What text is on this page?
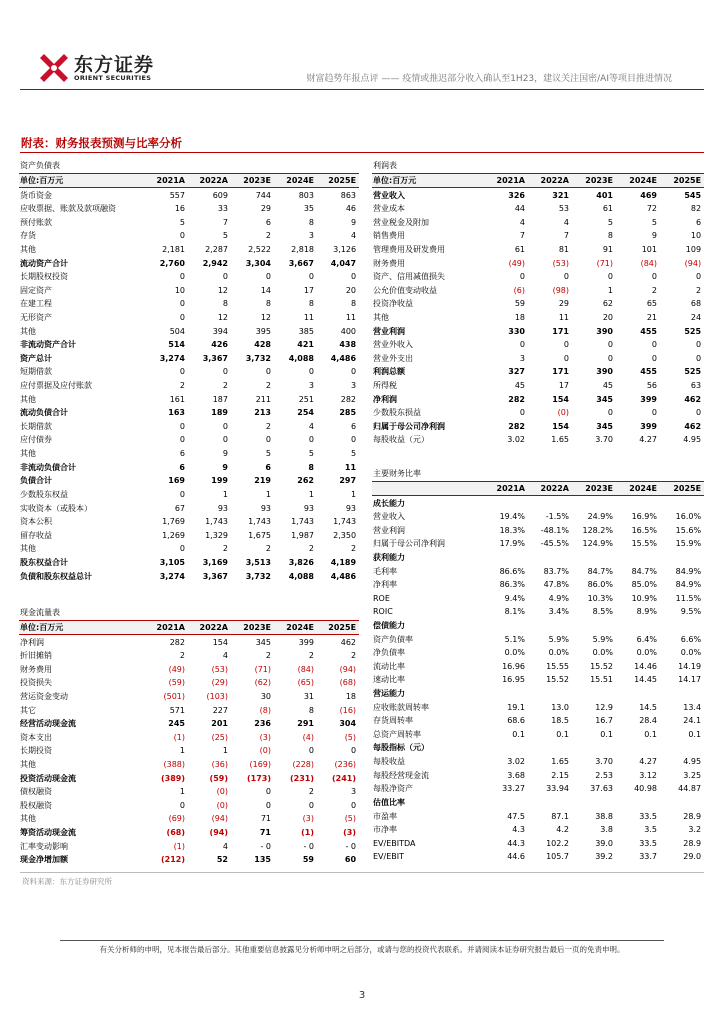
东方证券
ORIENT SECURITIES	财富趋势年报点评 —— 疫情或推迟部分收入确认至1H23，建议关注国密/AI等项目推进情况
附表：财务报表预测与比率分析
资产负债表					
单位:百万元	2021A	2022A	2023E	2024E	2025E
货币资金	557	609	744	803	863
应收票据、账款及款项融资	16	33	29	35	46
预付账款	5	7	6	8	9
存货	0	5	2	3	4
其他	2,181	2,287	2,522	2,818	3,126
流动资产合计	2,760	2,942	3,304	3,667	4,047
长期股权投资	0	0	0	0	0
固定资产	10	12	14	17	20
在建工程	0	8	8	8	8
无形资产	0	12	12	11	11
其他	504	394	395	385	400
非流动资产合计	514	426	428	421	438
资产总计	3,274	3,367	3,732	4,088	4,486
短期借款	0	0	0	0	0
应付票据及应付账款	2	2	2	3	3
其他	161	187	211	251	282
流动负债合计	163	189	213	254	285
长期借款	0	0	2	4	6
应付债券	0	0	0	0	0
其他	6	9	5	5	5
非流动负债合计	6	9	6	8	11
负债合计	169	199	219	262	297
少数股东权益	0	1	1	1	1
实收资本（或股本）	67	93	93	93	93
资本公积	1,769	1,743	1,743	1,743	1,743
留存收益	1,269	1,329	1,675	1,987	2,350
其他	0	2	2	2	2
股东权益合计	3,105	3,169	3,513	3,826	4,189
负债和股东权益总计	3,274	3,367	3,732	4,088	4,486
现金流量表					
单位:百万元	2021A	2022A	2023E	2024E	2025E
净利润	282	154	345	399	462
折旧摊销	2	4	2	2	2
财务费用	(49)	(53)	(71)	(84)	(94)
投资损失	(59)	(29)	(62)	(65)	(68)
营运资金变动	(501)	(103)	30	31	18
其它	571	227	(8)	8	(16)
经营活动现金流	245	201	236	291	304
资本支出	(1)	(25)	(3)	(4)	(5)
长期投资	1	1	(0)	0	0
其他	(388)	(36)	(169)	(228)	(236)
投资活动现金流	(389)	(59)	(173)	(231)	(241)
债权融资	1	(0)	0	2	3
股权融资	0	(0)	0	0	0
其他	(69)	(94)	71	(3)	(5)
筹资活动现金流	(68)	(94)	71	(1)	(3)
汇率变动影响	(1)	4	- 0	- 0	- 0
现金净增加额	(212)	52	135	59	60
利润表					
单位:百万元	2021A	2022A	2023E	2024E	2025E
营业收入	326	321	401	469	545
营业成本	44	53	61	72	82
营业税金及附加	4	4	5	5	6
销售费用	7	7	8	9	10
管理费用及研发费用	61	81	91	101	109
财务费用	(49)	(53)	(71)	(84)	(94)
资产、信用减值损失	0	0	0	0	0
公允价值变动收益	(6)	(98)	1	2	2
投资净收益	59	29	62	65	68
其他	18	11	20	21	24
营业利润	330	171	390	455	525
营业外收入	0	0	0	0	0
营业外支出	3	0	0	0	0
利润总额	327	171	390	455	525
所得税	45	17	45	56	63
净利润	282	154	345	399	462
少数股东损益	0	(0)	0	0	0
归属于母公司净利润	282	154	345	399	462
每股收益（元）	3.02	1.65	3.70	4.27	4.95
主要财务比率					
	2021A	2022A	2023E	2024E	2025E
成长能力					
营业收入	19.4%	-1.5%	24.9%	16.9%	16.0%
营业利润	18.3%	-48.1%	128.2%	16.5%	15.6%
归属于母公司净利润	17.9%	-45.5%	124.9%	15.5%	15.9%
获利能力					
毛利率	86.6%	83.7%	84.7%	84.7%	84.9%
净利率	86.3%	47.8%	86.0%	85.0%	84.9%
ROE	9.4%	4.9%	10.3%	10.9%	11.5%
ROIC	8.1%	3.4%	8.5%	8.9%	9.5%
偿债能力					
资产负债率	5.1%	5.9%	5.9%	6.4%	6.6%
净负债率	0.0%	0.0%	0.0%	0.0%	0.0%
流动比率	16.96	15.55	15.52	14.46	14.19
速动比率	16.95	15.52	15.51	14.45	14.17
营运能力					
应收账款周转率	19.1	13.0	12.9	14.5	13.4
存货周转率	68.6	18.5	16.7	28.4	24.1
总资产周转率	0.1	0.1	0.1	0.1	0.1
每股指标（元）					
每股收益	3.02	1.65	3.70	4.27	4.95
每股经营现金流	3.68	2.15	2.53	3.12	3.25
每股净资产	33.27	33.94	37.63	40.98	44.87
估值比率					
市盈率	47.5	87.1	38.8	33.5	28.9
市净率	4.3	4.2	3.8	3.5	3.2
EV/EBITDA	44.3	102.2	39.0	33.5	28.9
EV/EBIT	44.6	105.7	39.2	33.7	29.0
资料来源：东方证券研究所
有关分析师的申明，见本报告最后部分。其他重要信息披露见分析师申明之后部分，或请与您的投资代表联系。并请阅读本证券研究报告最后一页的免责申明。
3
